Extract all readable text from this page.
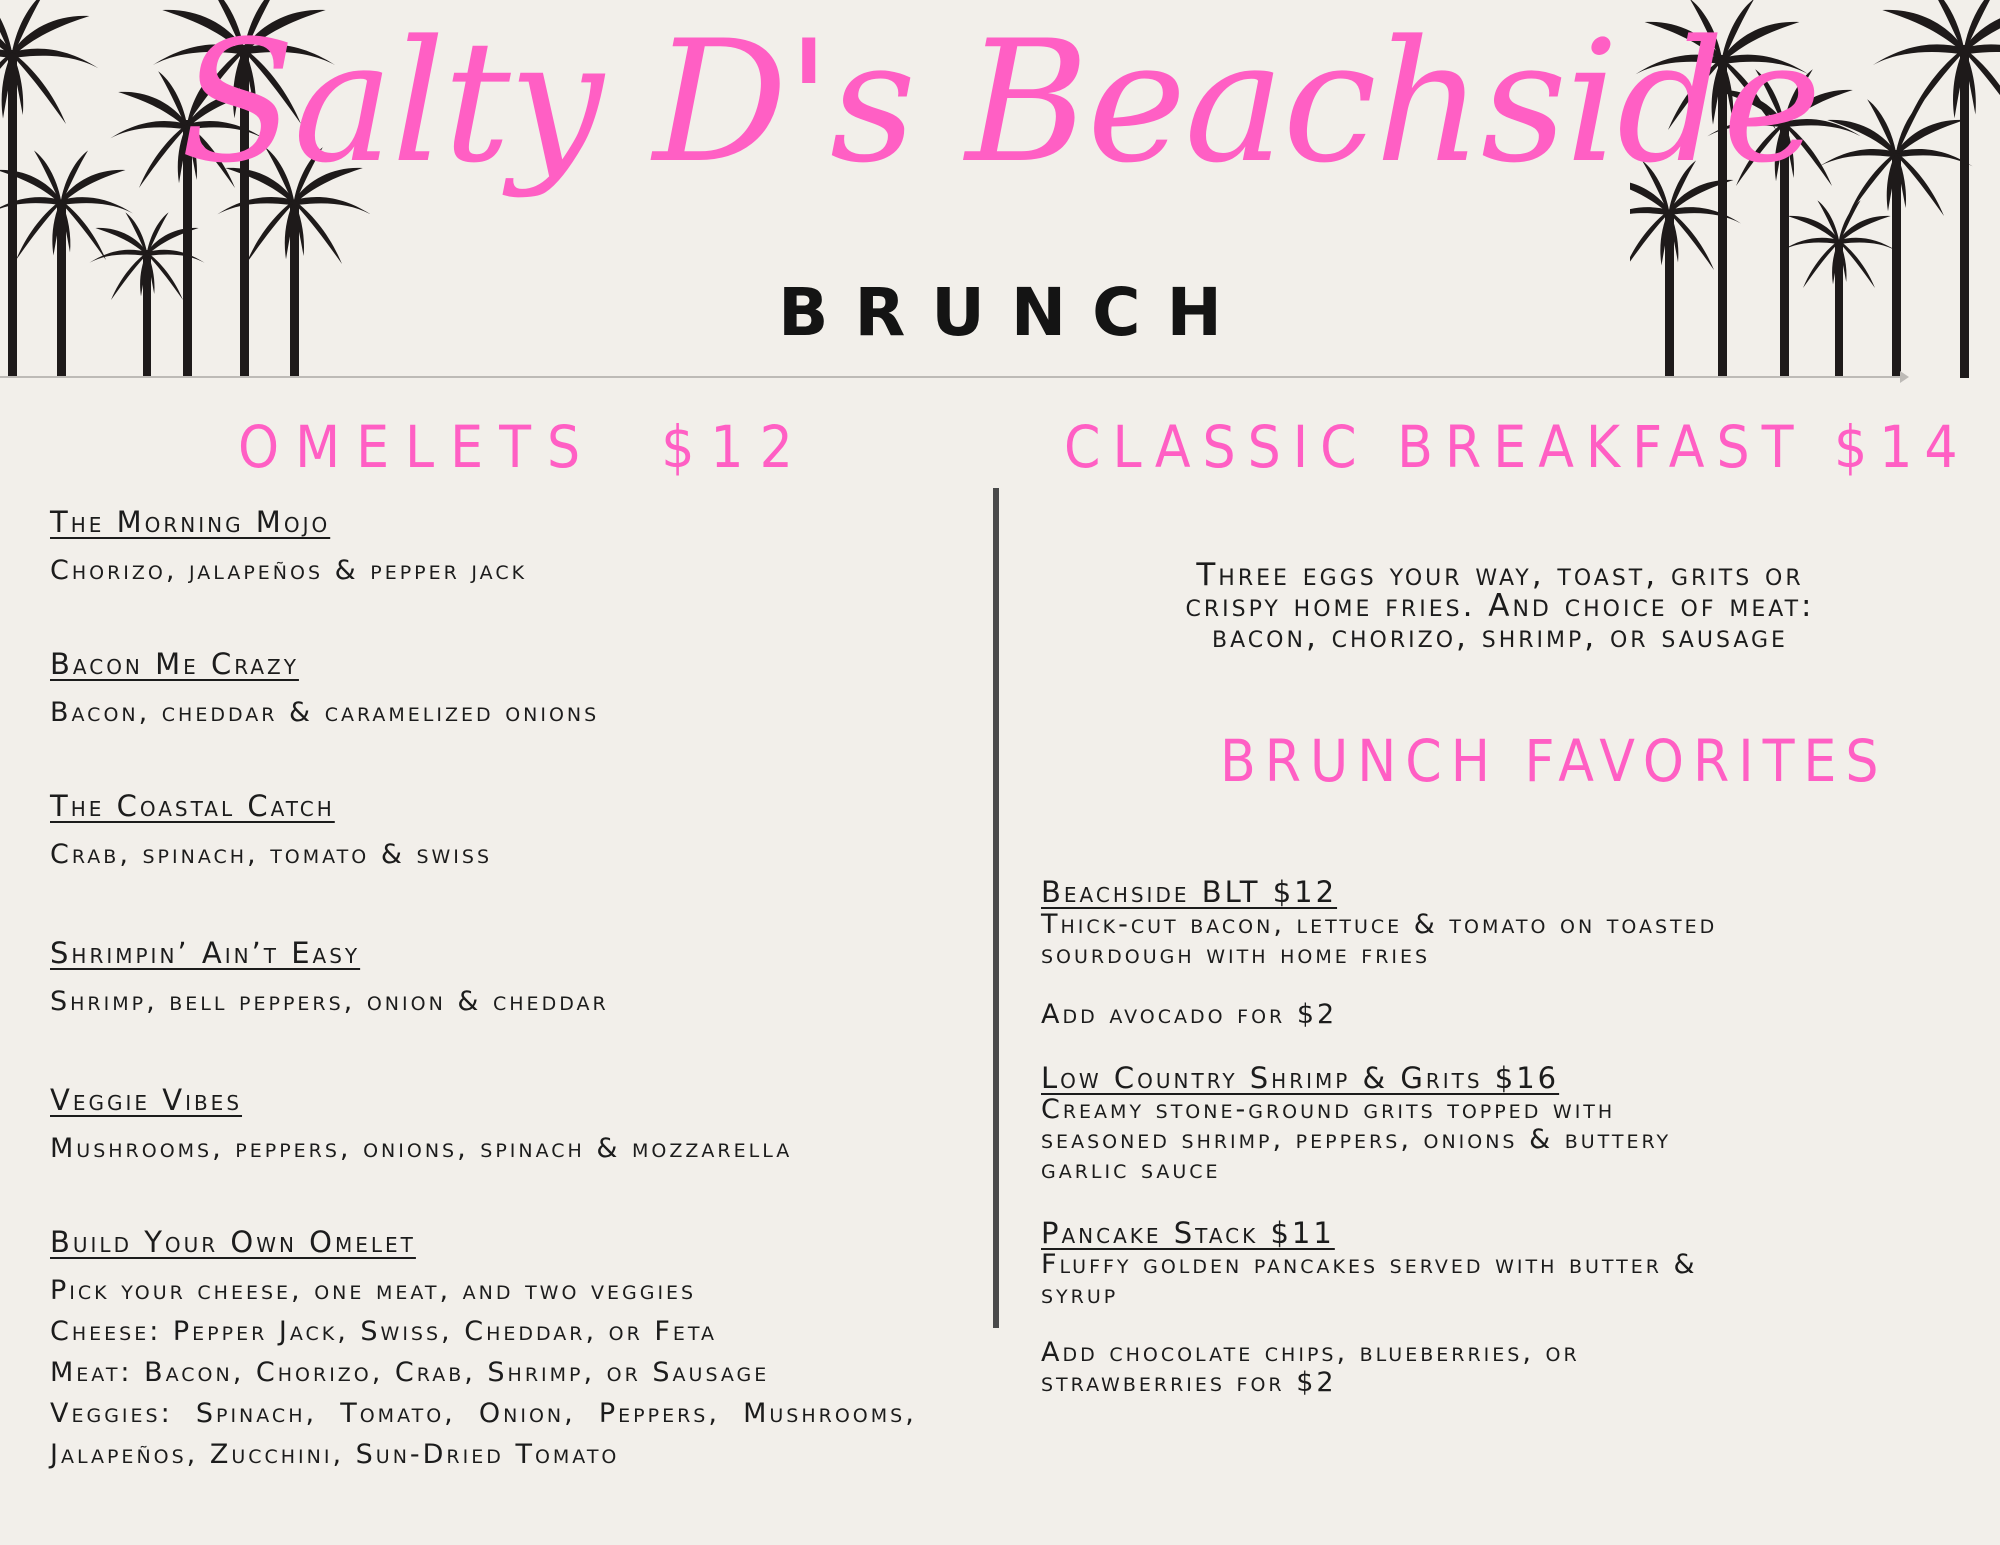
Salty D's Beachside
BRUNCH
OMELETS  $12
The Morning Mojo
Chorizo, jalapeños & pepper jack
Bacon Me Crazy
Bacon, cheddar & caramelized onions
The Coastal Catch
Crab, spinach, tomato & swiss
Shrimpin’ Ain’t Easy
Shrimp, bell peppers, onion & cheddar
Veggie Vibes
Mushrooms, peppers, onions, spinach & mozzarella
Build Your Own Omelet
Pick your cheese, one meat, and two veggies
Cheese: Pepper Jack, Swiss, Cheddar, or Feta
Meat: Bacon, Chorizo, Crab, Shrimp, or Sausage
Veggies:  Spinach,  Tomato,  Onion,  Peppers,  Mushrooms,
Jalapeños, Zucchini, Sun-Dried Tomato
CLASSIC BREAKFAST $14
Three eggs your way, toast, grits or
crispy home fries. And choice of meat:
bacon, chorizo, shrimp, or sausage
BRUNCH FAVORITES
Beachside BLT $12
Thick-cut bacon, lettuce & tomato on toasted
sourdough with home fries
Add avocado for $2
Low Country Shrimp & Grits $16
Creamy stone-ground grits topped with
seasoned shrimp, peppers, onions & buttery
garlic sauce
Pancake Stack $11
Fluffy golden pancakes served with butter &
syrup
Add chocolate chips, blueberries, or
strawberries for $2
